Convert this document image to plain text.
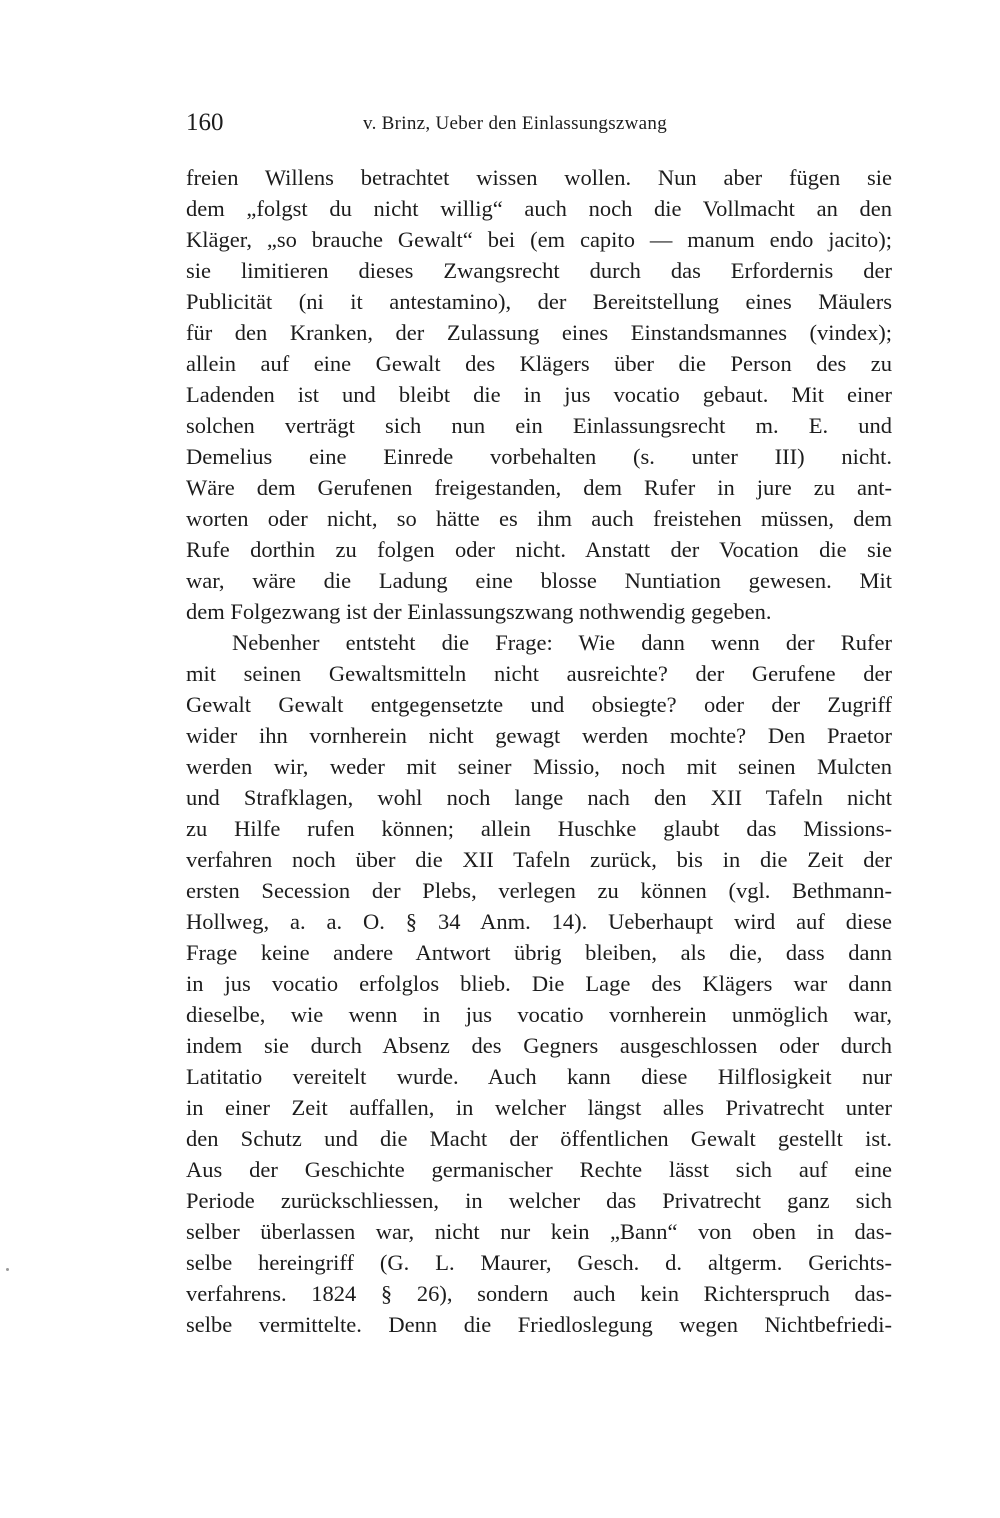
160	v. Brinz, Ueber den Einlassungszwang
freien Willens betrachtet wissen wollen. Nun aber fügen sie
dem „folgst du nicht willig“ auch noch die Vollmacht an den
Kläger, „so brauche Gewalt“ bei (em capito — manum endo jacito);
sie limitieren dieses Zwangsrecht durch das Erfordernis der
Publicität (ni it antestamino), der Bereitstellung eines Mäulers
für den Kranken, der Zulassung eines Einstandsmannes (vindex);
allein auf eine Gewalt des Klägers über die Person des zu
Ladenden ist und bleibt die in jus vocatio gebaut. Mit einer
solchen verträgt sich nun ein Einlassungsrecht m. E. und
Demelius eine Einrede vorbehalten (s. unter III) nicht.
Wäre dem Gerufenen freigestanden, dem Rufer in jure zu ant-
worten oder nicht, so hätte es ihm auch freistehen müssen, dem
Rufe dorthin zu folgen oder nicht. Anstatt der Vocation die sie
war, wäre die Ladung eine blosse Nuntiation gewesen. Mit
dem Folgezwang ist der Einlassungszwang nothwendig gegeben.
Nebenher entsteht die Frage: Wie dann wenn der Rufer
mit seinen Gewaltsmitteln nicht ausreichte? der Gerufene der
Gewalt Gewalt entgegensetzte und obsiegte? oder der Zugriff
wider ihn vornherein nicht gewagt werden mochte? Den Praetor
werden wir, weder mit seiner Missio, noch mit seinen Mulcten
und Strafklagen, wohl noch lange nach den XII Tafeln nicht
zu Hilfe rufen können; allein Huschke glaubt das Missions-
verfahren noch über die XII Tafeln zurück, bis in die Zeit der
ersten Secession der Plebs, verlegen zu können (vgl. Bethmann-
Hollweg, a. a. O. § 34 Anm. 14). Ueberhaupt wird auf diese
Frage keine andere Antwort übrig bleiben, als die, dass dann
in jus vocatio erfolglos blieb. Die Lage des Klägers war dann
dieselbe, wie wenn in jus vocatio vornherein unmöglich war,
indem sie durch Absenz des Gegners ausgeschlossen oder durch
Latitatio vereitelt wurde. Auch kann diese Hilflosigkeit nur
in einer Zeit auffallen, in welcher längst alles Privatrecht unter
den Schutz und die Macht der öffentlichen Gewalt gestellt ist.
Aus der Geschichte germanischer Rechte lässt sich auf eine
Periode zurückschliessen, in welcher das Privatrecht ganz sich
selber überlassen war, nicht nur kein „Bann“ von oben in das-
selbe hereingriff (G. L. Maurer, Gesch. d. altgerm. Gerichts-
verfahrens. 1824 § 26), sondern auch kein Richterspruch das-
selbe vermittelte. Denn die Friedloslegung wegen Nichtbefriedi-
